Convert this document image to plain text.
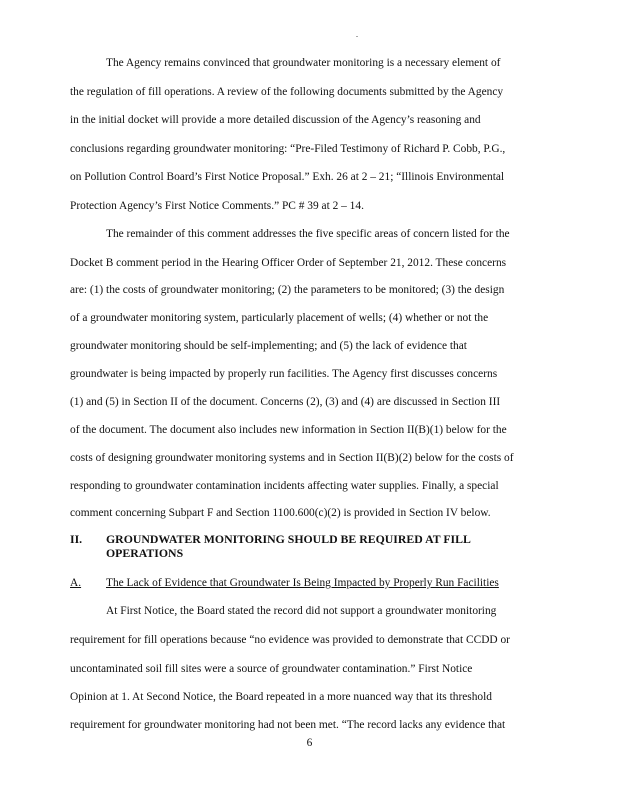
.
The Agency remains convinced that groundwater monitoring is a necessary element of
the regulation of fill operations. A review of the following documents submitted by the Agency
in the initial docket will provide a more detailed discussion of the Agency’s reasoning and
conclusions regarding groundwater monitoring: “Pre-Filed Testimony of Richard P. Cobb, P.G.,
on Pollution Control Board’s First Notice Proposal.” Exh. 26 at 2 – 21; “Illinois Environmental
Protection Agency’s First Notice Comments.” PC # 39 at 2 – 14.
The remainder of this comment addresses the five specific areas of concern listed for the
Docket B comment period in the Hearing Officer Order of September 21, 2012. These concerns
are: (1) the costs of groundwater monitoring; (2) the parameters to be monitored; (3) the design
of a groundwater monitoring system, particularly placement of wells; (4) whether or not the
groundwater monitoring should be self-implementing; and (5) the lack of evidence that
groundwater is being impacted by properly run facilities. The Agency first discusses concerns
(1) and (5) in Section II of the document. Concerns (2), (3) and (4) are discussed in Section III
of the document. The document also includes new information in Section II(B)(1) below for the
costs of designing groundwater monitoring systems and in Section II(B)(2) below for the costs of
responding to groundwater contamination incidents affecting water supplies. Finally, a special
comment concerning Subpart F and Section 1100.600(c)(2) is provided in Section IV below.
II. GROUNDWATER MONITORING SHOULD BE REQUIRED AT FILL
OPERATIONS
A. The Lack of Evidence that Groundwater Is Being Impacted by Properly Run Facilities
At First Notice, the Board stated the record did not support a groundwater monitoring
requirement for fill operations because “no evidence was provided to demonstrate that CCDD or
uncontaminated soil fill sites were a source of groundwater contamination.” First Notice
Opinion at 1. At Second Notice, the Board repeated in a more nuanced way that its threshold
requirement for groundwater monitoring had not been met. “The record lacks any evidence that
6
